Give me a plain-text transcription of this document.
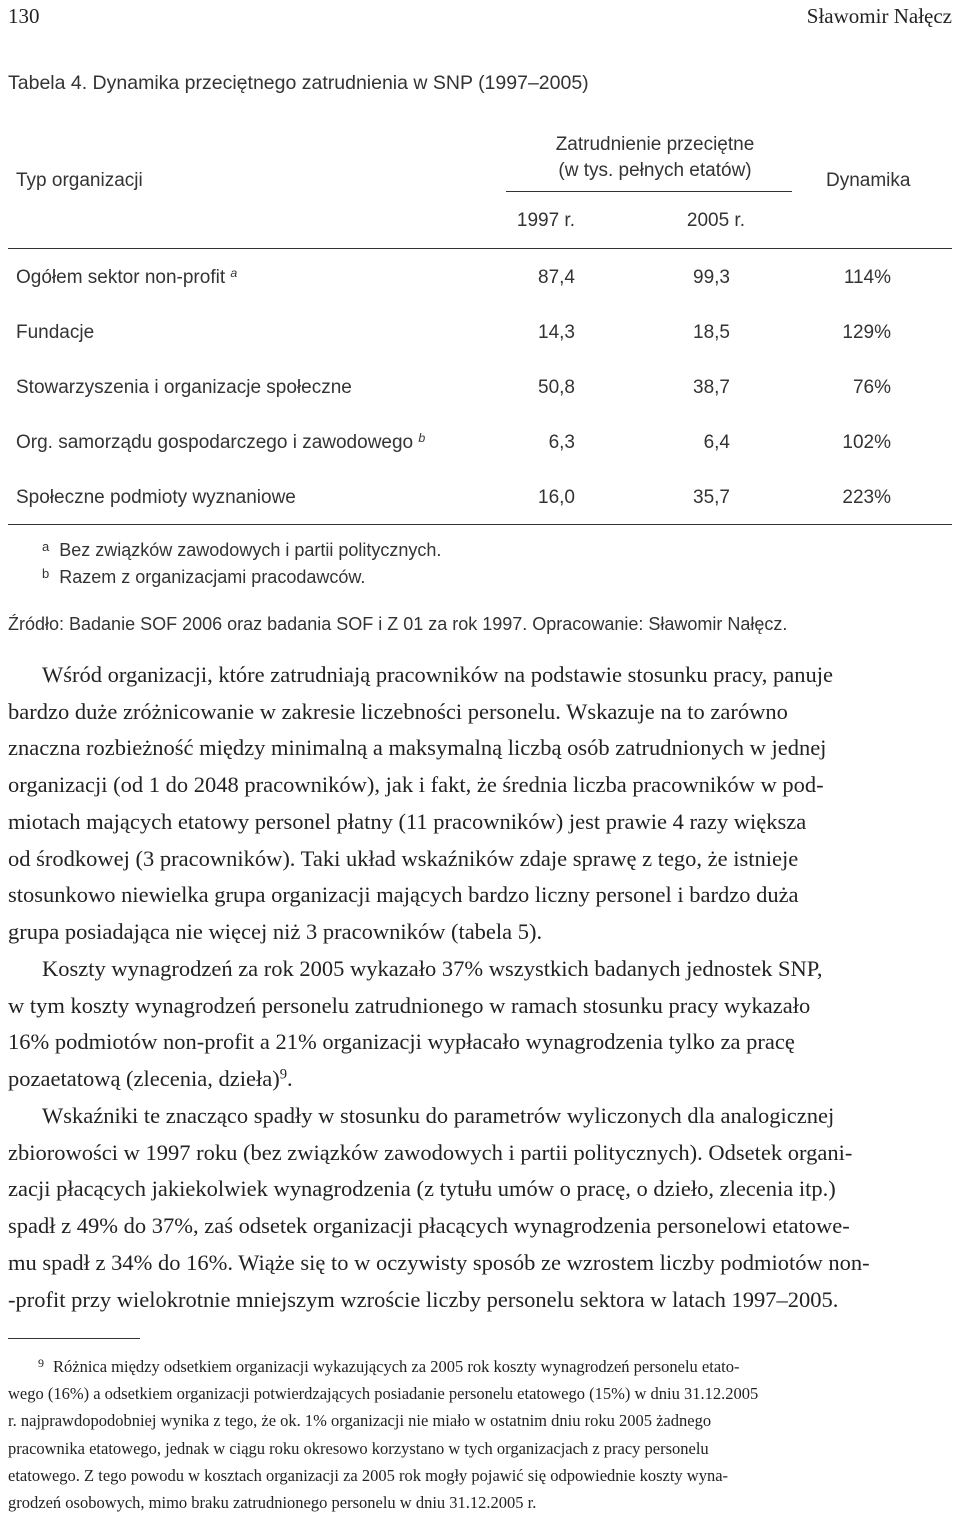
130	Sławomir Nałęcz
Tabela 4. Dynamika przeciętnego zatrudnienia w SNP (1997–2005)
Typ organizacji
Zatrudnienie przeciętne
(w tys. pełnych etatów)	Dynamika
1997 r.	2005 r.
Ogółem sektor non-profit $^a$	87,4	99,3	114%
Fundacje	14,3	18,5	129%
Stowarzyszenia i organizacje społeczne	50,8	38,7	76%
Org. samorządu gospodarczego i zawodowego $^b$	6,3	6,4	102%
Społeczne podmioty wyznaniowe	16,0	35,7	223%
$^a$ Bez związków zawodowych i partii politycznych.
$^b$ Razem z organizacjami pracodawców.
Źródło: Badanie SOF 2006 oraz badania SOF i Z 01 za rok 1997. Opracowanie: Sławomir Nałęcz.
Wśród organizacji, które zatrudniają pracowników na podstawie stosunku pracy, panuje
bardzo duże zróżnicowanie w zakresie liczebności personelu. Wskazuje na to zarówno
znaczna rozbieżność między minimalną a maksymalną liczbą osób zatrudnionych w jednej
organizacji (od 1 do 2048 pracowników), jak i fakt, że średnia liczba pracowników w pod-
miotach mających etatowy personel płatny (11 pracowników) jest prawie 4 razy większa
od środkowej (3 pracowników). Taki układ wskaźników zdaje sprawę z tego, że istnieje
stosunkowo niewielka grupa organizacji mających bardzo liczny personel i bardzo duża
grupa posiadająca nie więcej niż 3 pracowników (tabela 5).
Koszty wynagrodzeń za rok 2005 wykazało 37% wszystkich badanych jednostek SNP,
w tym koszty wynagrodzeń personelu zatrudnionego w ramach stosunku pracy wykazało
16% podmiotów non-profit a 21% organizacji wypłacało wynagrodzenia tylko za pracę
pozaetatową (zlecenia, dzieła)$^9$.
Wskaźniki te znacząco spadły w stosunku do parametrów wyliczonych dla analogicznej
zbiorowości w 1997 roku (bez związków zawodowych i partii politycznych). Odsetek organi-
zacji płacących jakiekolwiek wynagrodzenia (z tytułu umów o pracę, o dzieło, zlecenia itp.)
spadł z 49% do 37%, zaś odsetek organizacji płacących wynagrodzenia personelowi etatowe-
mu spadł z 34% do 16%. Wiąże się to w oczywisty sposób ze wzrostem liczby podmiotów non-
-profit przy wielokrotnie mniejszym wzroście liczby personelu sektora w latach 1997–2005.
$^9$ Różnica między odsetkiem organizacji wykazujących za 2005 rok koszty wynagrodzeń personelu etato-
wego (16%) a odsetkiem organizacji potwierdzających posiadanie personelu etatowego (15%) w dniu 31.12.2005
r. najprawdopodobniej wynika z tego, że ok. 1% organizacji nie miało w ostatnim dniu roku 2005 żadnego
pracownika etatowego, jednak w ciągu roku okresowo korzystano w tych organizacjach z pracy personelu
etatowego. Z tego powodu w kosztach organizacji za 2005 rok mogły pojawić się odpowiednie koszty wyna-
grodzeń osobowych, mimo braku zatrudnionego personelu w dniu 31.12.2005 r.
